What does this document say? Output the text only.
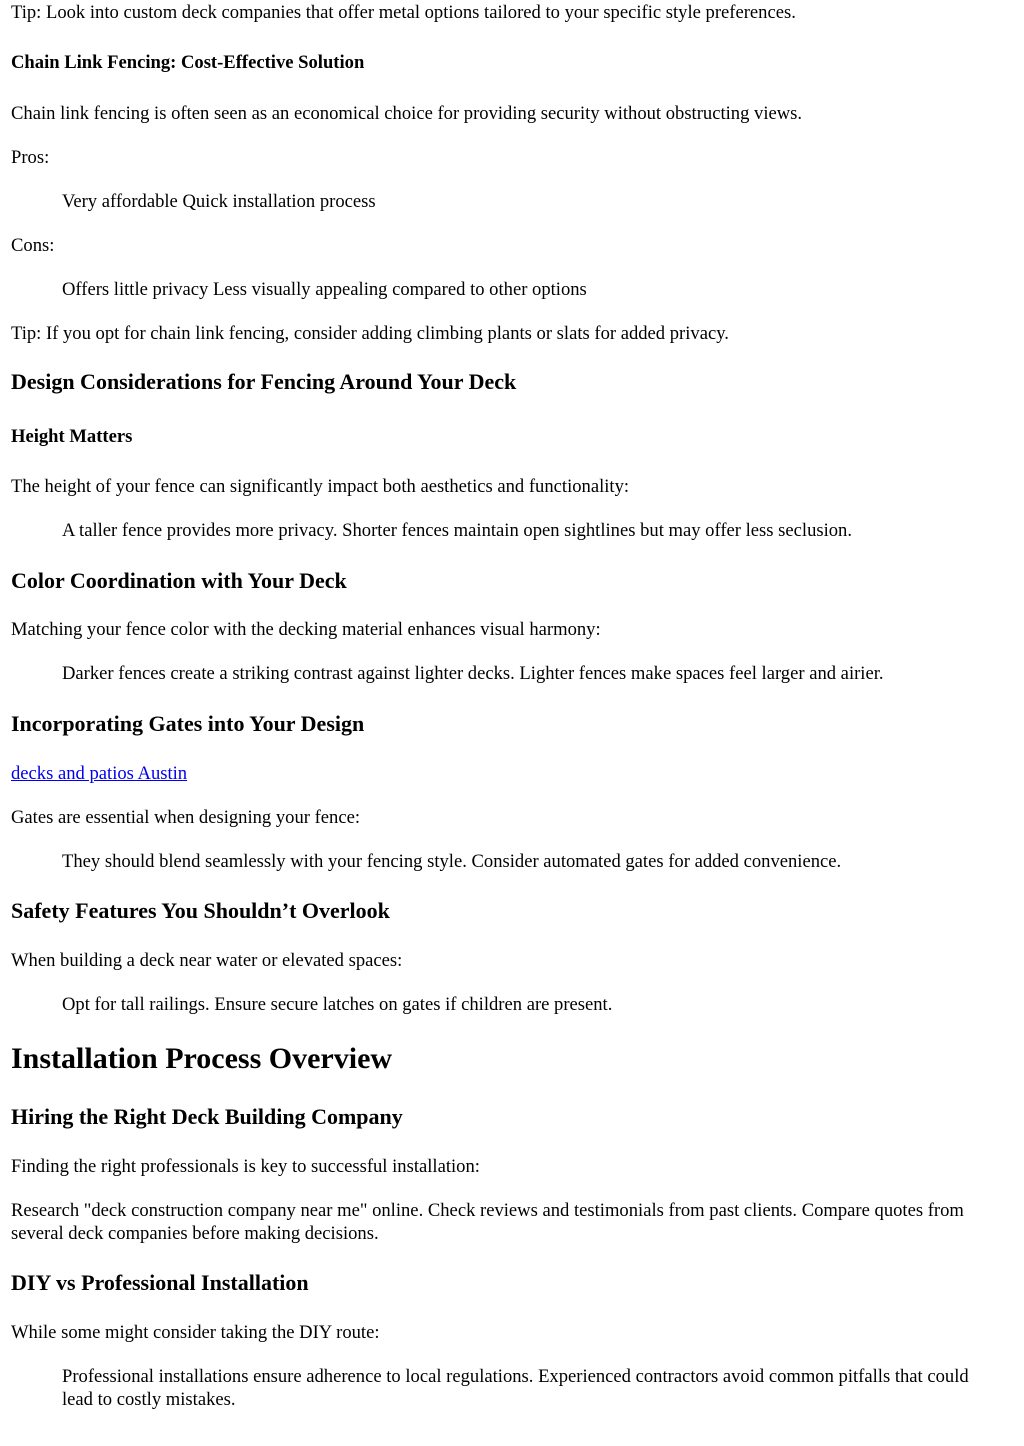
Tip: Look into custom deck companies that offer metal options tailored to your specific style preferences.

Chain Link Fencing: Cost-Effective Solution

Chain link fencing is often seen as an economical choice for providing security without obstructing views.

Pros:

Very affordable Quick installation process

Cons:

Offers little privacy Less visually appealing compared to other options

Tip: If you opt for chain link fencing, consider adding climbing plants or slats for added privacy.

Design Considerations for Fencing Around Your Deck
Height Matters

The height of your fence can significantly impact both aesthetics and functionality:

A taller fence provides more privacy. Shorter fences maintain open sightlines but may offer less seclusion.

Color Coordination with Your Deck

Matching your fence color with the decking material enhances visual harmony:

Darker fences create a striking contrast against lighter decks. Lighter fences make spaces feel larger and airier.

Incorporating Gates into Your Design

decks and patios Austin

Gates are essential when designing your fence:

They should blend seamlessly with your fencing style. Consider automated gates for added convenience.

Safety Features You Shouldn’t Overlook

When building a deck near water or elevated spaces:

Opt for tall railings. Ensure secure latches on gates if children are present.

Installation Process Overview
Hiring the Right Deck Building Company

Finding the right professionals is key to successful installation:

Research "deck construction company near me" online. Check reviews and testimonials from past clients. Compare quotes from several deck companies before making decisions.

DIY vs Professional Installation

While some might consider taking the DIY route:

Professional installations ensure adherence to local regulations. Experienced contractors avoid common pitfalls that could lead to costly mistakes.
